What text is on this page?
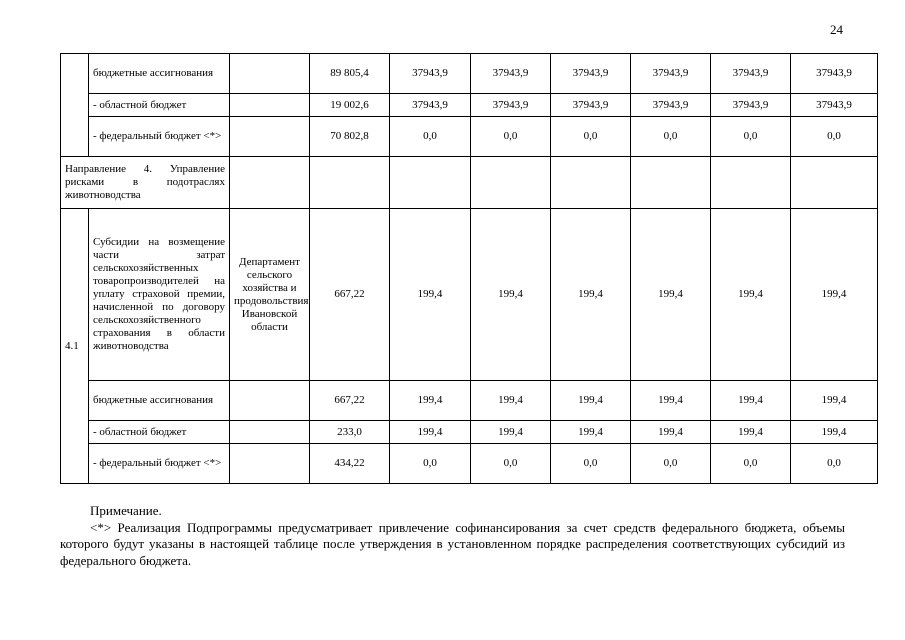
24
	бюджетные ассигнования		89 805,4	37943,9	37943,9	37943,9	37943,9	37943,9	37943,9
	- областной бюджет		19 002,6	37943,9	37943,9	37943,9	37943,9	37943,9	37943,9
	- федеральный бюджет <*>		70 802,8	0,0	0,0	0,0	0,0	0,0	0,0
Направление 4. Управление рисками в подотраслях животноводства									
4.1	Субсидии на возмещение части затрат сельскохозяйственных товаропроизводителей на уплату страховой премии, начисленной по договору сельскохозяйственного страхования в области животноводства	Департамент сельского хозяйства и продовольствия Ивановской области	667,22	199,4	199,4	199,4	199,4	199,4	199,4
	бюджетные ассигнования		667,22	199,4	199,4	199,4	199,4	199,4	199,4
	- областной бюджет		233,0	199,4	199,4	199,4	199,4	199,4	199,4
	- федеральный бюджет <*>		434,22	0,0	0,0	0,0	0,0	0,0	0,0

Примечание.

<*> Реализация Подпрограммы предусматривает привлечение софинансирования за счет средств федерального бюджета, объемы которого будут указаны в настоящей таблице после утверждения в установленном порядке распределения соответствующих субсидий из федерального бюджета.
